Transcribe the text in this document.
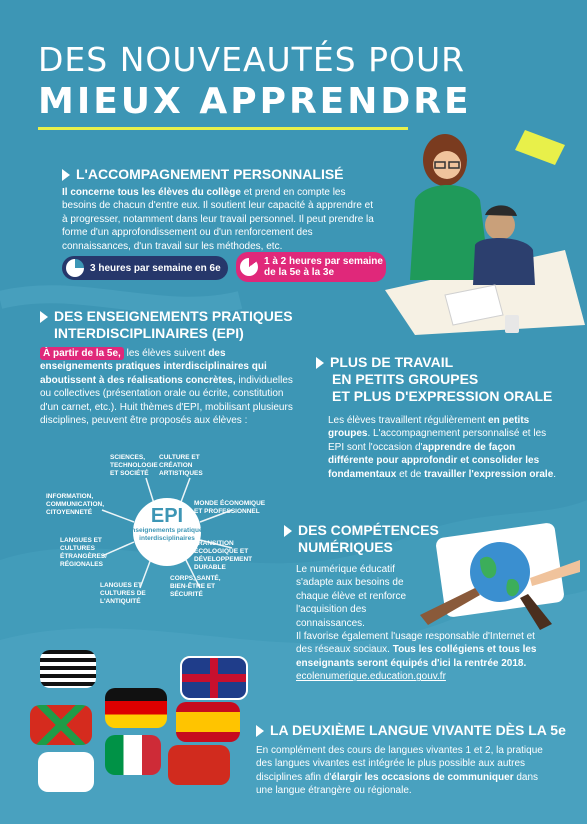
DES NOUVEAUTÉS POUR
MIEUX APPRENDRE
L'ACCOMPAGNEMENT PERSONNALISÉ
Il concerne tous les élèves du collège et prend en compte les besoins de chacun d'entre eux. Il soutient leur capacité à apprendre et à progresser, notamment dans leur travail personnel. Il peut prendre la forme d'un approfondissement ou d'un renforcement des connaissances, d'un travail sur les méthodes, etc.
3 heures par semaine en 6e
1 à 2 heures par semaine
de la 5e à la 3e
DES ENSEIGNEMENTS PRATIQUES
INTERDISCIPLINAIRES (EPI)
À partir de la 5e, les élèves suivent des enseignements pratiques interdisciplinaires qui aboutissent à des réalisations concrètes, individuelles ou collectives (présentation orale ou écrite, constitution d'un carnet, etc.). Huit thèmes d'EPI, mobilisant plusieurs disciplines, peuvent être proposés aux élèves :
EPI
enseignements pratiques interdisciplinaires
SCIENCES, TECHNOLOGIE ET SOCIÉTÉ
CULTURE ET CRÉATION ARTISTIQUES
MONDE ÉCONOMIQUE ET PROFESSIONNEL
TRANSITION ÉCOLOGIQUE ET DÉVELOPPEMENT DURABLE
CORPS, SANTÉ, BIEN-ÊTRE ET SÉCURITÉ
LANGUES ET CULTURES DE L'ANTIQUITÉ
LANGUES ET CULTURES ÉTRANGÈRES/ RÉGIONALES
INFORMATION, COMMUNICATION, CITOYENNETÉ
PLUS DE TRAVAIL
EN PETITS GROUPES
ET PLUS D'EXPRESSION ORALE
Les élèves travaillent régulièrement en petits groupes. L'accompagnement personnalisé et les EPI sont l'occasion d'apprendre de façon différente pour approfondir et consolider les fondamentaux et de travailler l'expression orale.
DES COMPÉTENCES
NUMÉRIQUES
Le numérique éducatif s'adapte aux besoins de chaque élève et renforce l'acquisition des connaissances.
Il favorise également l'usage responsable d'Internet et des réseaux sociaux. Tous les collégiens et tous les enseignants seront équipés d'ici la rentrée 2018.
ecolenumerique.education.gouv.fr
LA DEUXIÈME LANGUE VIVANTE DÈS LA 5e
En complément des cours de langues vivantes 1 et 2, la pratique des langues vivantes est intégrée le plus possible aux autres disciplines afin d'élargir les occasions de communiquer dans une langue étrangère ou régionale.
